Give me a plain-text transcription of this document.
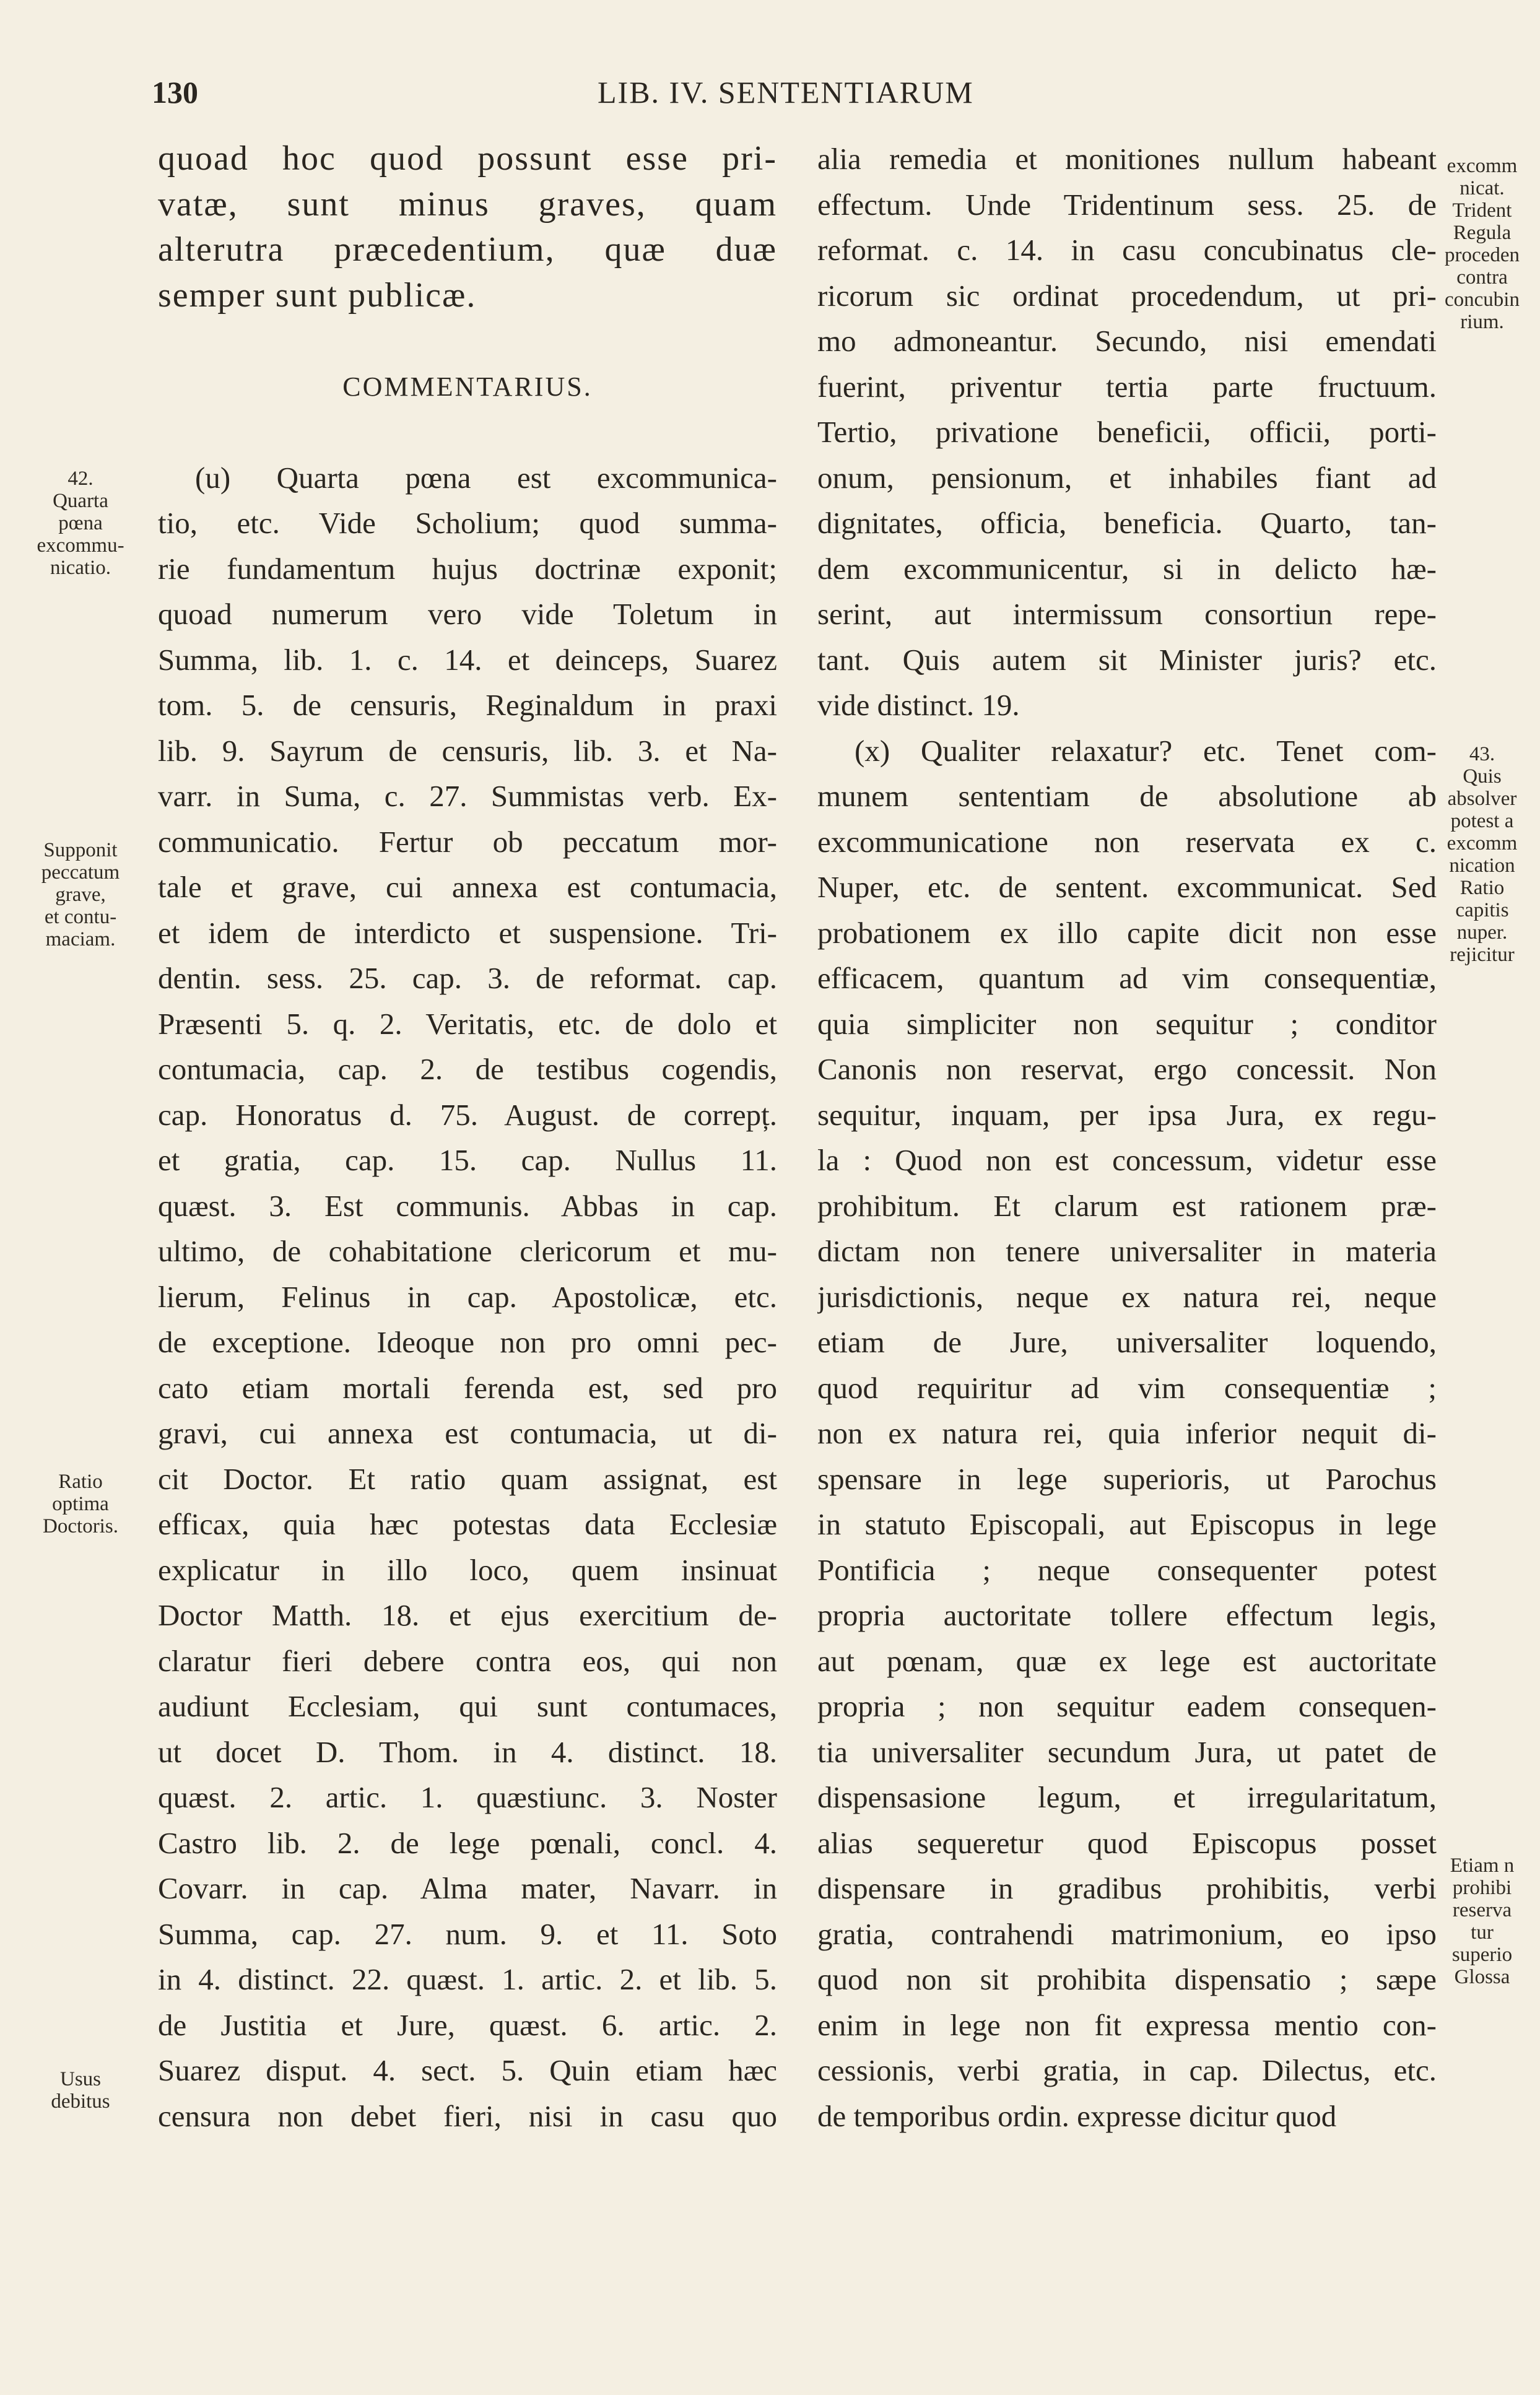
130	LIB. IV. SENTENTIARUM
quoad hoc quod possunt esse pri-
vatæ, sunt minus graves, quam
alterutra præcedentium, quæ duæ
semper sunt publicæ.
COMMENTARIUS.
(u) Quarta pœna est excommunica-
tio, etc. Vide Scholium; quod summa-
rie fundamentum hujus doctrinæ exponit;
quoad numerum vero vide Toletum in
Summa, lib. 1. c. 14. et deinceps, Suarez
tom. 5. de censuris, Reginaldum in praxi
lib. 9. Sayrum de censuris, lib. 3. et Na-
varr. in Suma, c. 27. Summistas verb. Ex-
communicatio. Fertur ob peccatum mor-
tale et grave, cui annexa est contumacia,
et idem de interdicto et suspensione. Tri-
dentin. sess. 25. cap. 3. de reformat. cap.
Præsenti 5. q. 2. Veritatis, etc. de dolo et
contumacia, cap. 2. de testibus cogendis,
cap. Honoratus d. 75. August. de correpț.
et gratia, cap. 15. cap. Nullus 11.
quæst. 3. Est communis. Abbas in cap.
ultimo, de cohabitatione clericorum et mu-
lierum, Felinus in cap. Apostolicæ, etc.
de exceptione. Ideoque non pro omni pec-
cato etiam mortali ferenda est, sed pro
gravi, cui annexa est contumacia, ut di-
cit Doctor. Et ratio quam assignat, est
efficax, quia hæc potestas data Ecclesiæ
explicatur in illo loco, quem insinuat
Doctor Matth. 18. et ejus exercitium de-
claratur fieri debere contra eos, qui non
audiunt Ecclesiam, qui sunt contumaces,
ut docet D. Thom. in 4. distinct. 18.
quæst. 2. artic. 1. quæstiunc. 3. Noster
Castro lib. 2. de lege pœnali, concl. 4.
Covarr. in cap. Alma mater, Navarr. in
Summa, cap. 27. num. 9. et 11. Soto
in 4. distinct. 22. quæst. 1. artic. 2. et lib. 5.
de Justitia et Jure, quæst. 6. artic. 2.
Suarez disput. 4. sect. 5. Quin etiam hæc
censura non debet fieri, nisi in casu quo
alia remedia et monitiones nullum habeant
effectum. Unde Tridentinum sess. 25. de
reformat. c. 14. in casu concubinatus cle-
ricorum sic ordinat procedendum, ut pri-
mo admoneantur. Secundo, nisi emendati
fuerint, priventur tertia parte fructuum.
Tertio, privatione beneficii, officii, porti-
onum, pensionum, et inhabiles fiant ad
dignitates, officia, beneficia. Quarto, tan-
dem excommunicentur, si in delicto hæ-
serint, aut intermissum consortiun repe-
tant. Quis autem sit Minister juris? etc.
vide distinct. 19.
(x) Qualiter relaxatur? etc. Tenet com-
munem sententiam de absolutione ab
excommunicatione non reservata ex c.
Nuper, etc. de sentent. excommunicat. Sed
probationem ex illo capite dicit non esse
efficacem, quantum ad vim consequentiæ,
quia simpliciter non sequitur ; conditor
Canonis non reservat, ergo concessit. Non
sequitur, inquam, per ipsa Jura, ex regu-
la : Quod non est concessum, videtur esse
prohibitum. Et clarum est rationem præ-
dictam non tenere universaliter in materia
jurisdictionis, neque ex natura rei, neque
etiam de Jure, universaliter loquendo,
quod requiritur ad vim consequentiæ ;
non ex natura rei, quia inferior nequit di-
spensare in lege superioris, ut Parochus
in statuto Episcopali, aut Episcopus in lege
Pontificia ; neque consequenter potest
propria auctoritate tollere effectum legis,
aut pœnam, quæ ex lege est auctoritate
propria ; non sequitur eadem consequen-
tia universaliter secundum Jura, ut patet de
dispensasione legum, et irregularitatum,
alias sequeretur quod Episcopus posset
dispensare in gradibus prohibitis, verbi
gratia, contrahendi matrimonium, eo ipso
quod non sit prohibita dispensatio ; sæpe
enim in lege non fit expressa mentio con-
cessionis, verbi gratia, in cap. Dilectus, etc.
de temporibus ordin. expresse dicitur quod
42.
Quarta
pœna
excommu-
nicatio.
Supponit
peccatum
grave,
et contu-
maciam.
Ratio
optima
Doctoris.
Usus
debitus
excomm
nicat.
Trident
Regula
proceden
contra
concubin
rium.
43.
Quis
absolver
potest a
excomm
nication
Ratio
capitis
nuper.
rejicitur
Etiam n
prohibi
reserva
tur
superio
Glossa
